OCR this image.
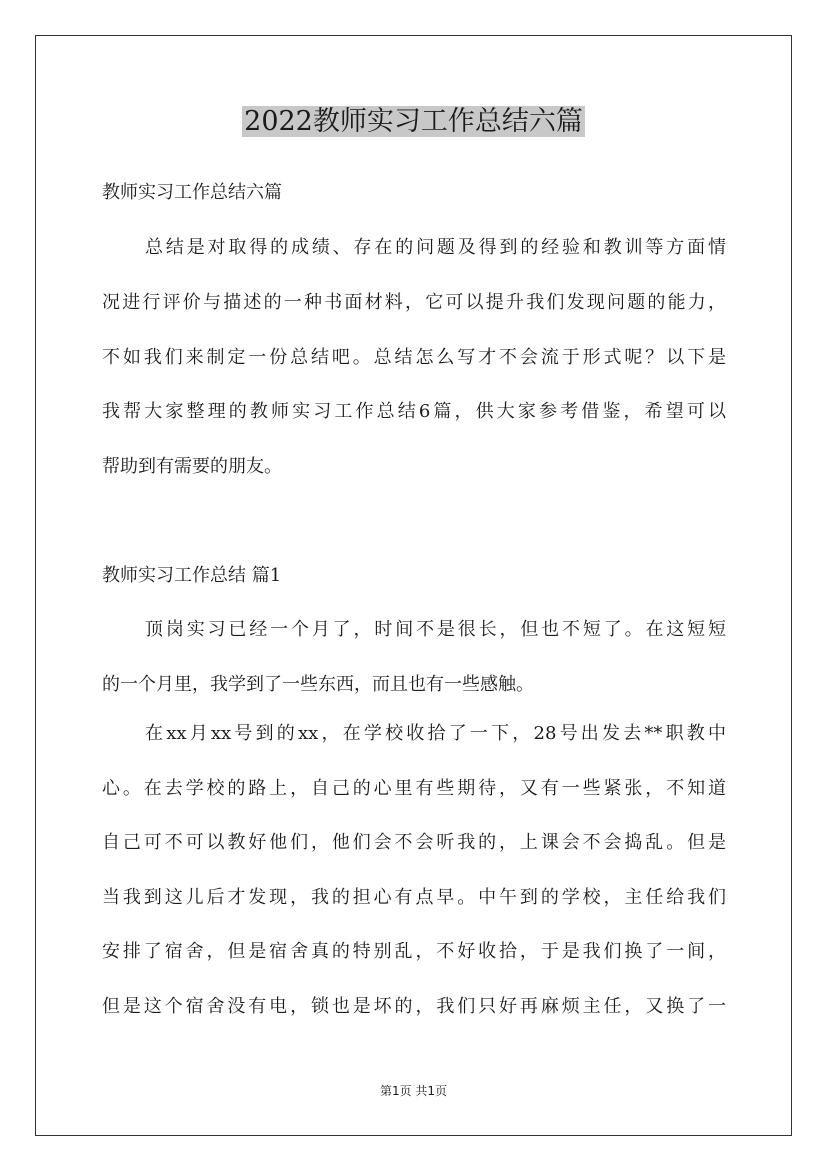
2022教师实习工作总结六篇

教师实习工作总结六篇

总结是对取得的成绩、存在的问题及得到的经验和教训等方面情

况进行评价与描述的一种书面材料，它可以提升我们发现问题的能力，

不如我们来制定一份总结吧。总结怎么写才不会流于形式呢？以下是

我帮大家整理的教师实习工作总结6篇，供大家参考借鉴，希望可以

帮助到有需要的朋友。

教师实习工作总结 篇1

顶岗实习已经一个月了，时间不是很长，但也不短了。在这短短

的一个月里，我学到了一些东西，而且也有一些感触。

在xx月xx号到的xx，在学校收拾了一下，28号出发去**职教中

心。在去学校的路上，自己的心里有些期待，又有一些紧张，不知道

自己可不可以教好他们，他们会不会听我的，上课会不会捣乱。但是

当我到这儿后才发现，我的担心有点早。中午到的学校，主任给我们

安排了宿舍，但是宿舍真的特别乱，不好收拾，于是我们换了一间，

但是这个宿舍没有电，锁也是坏的，我们只好再麻烦主任，又换了一

第1页 共1页
